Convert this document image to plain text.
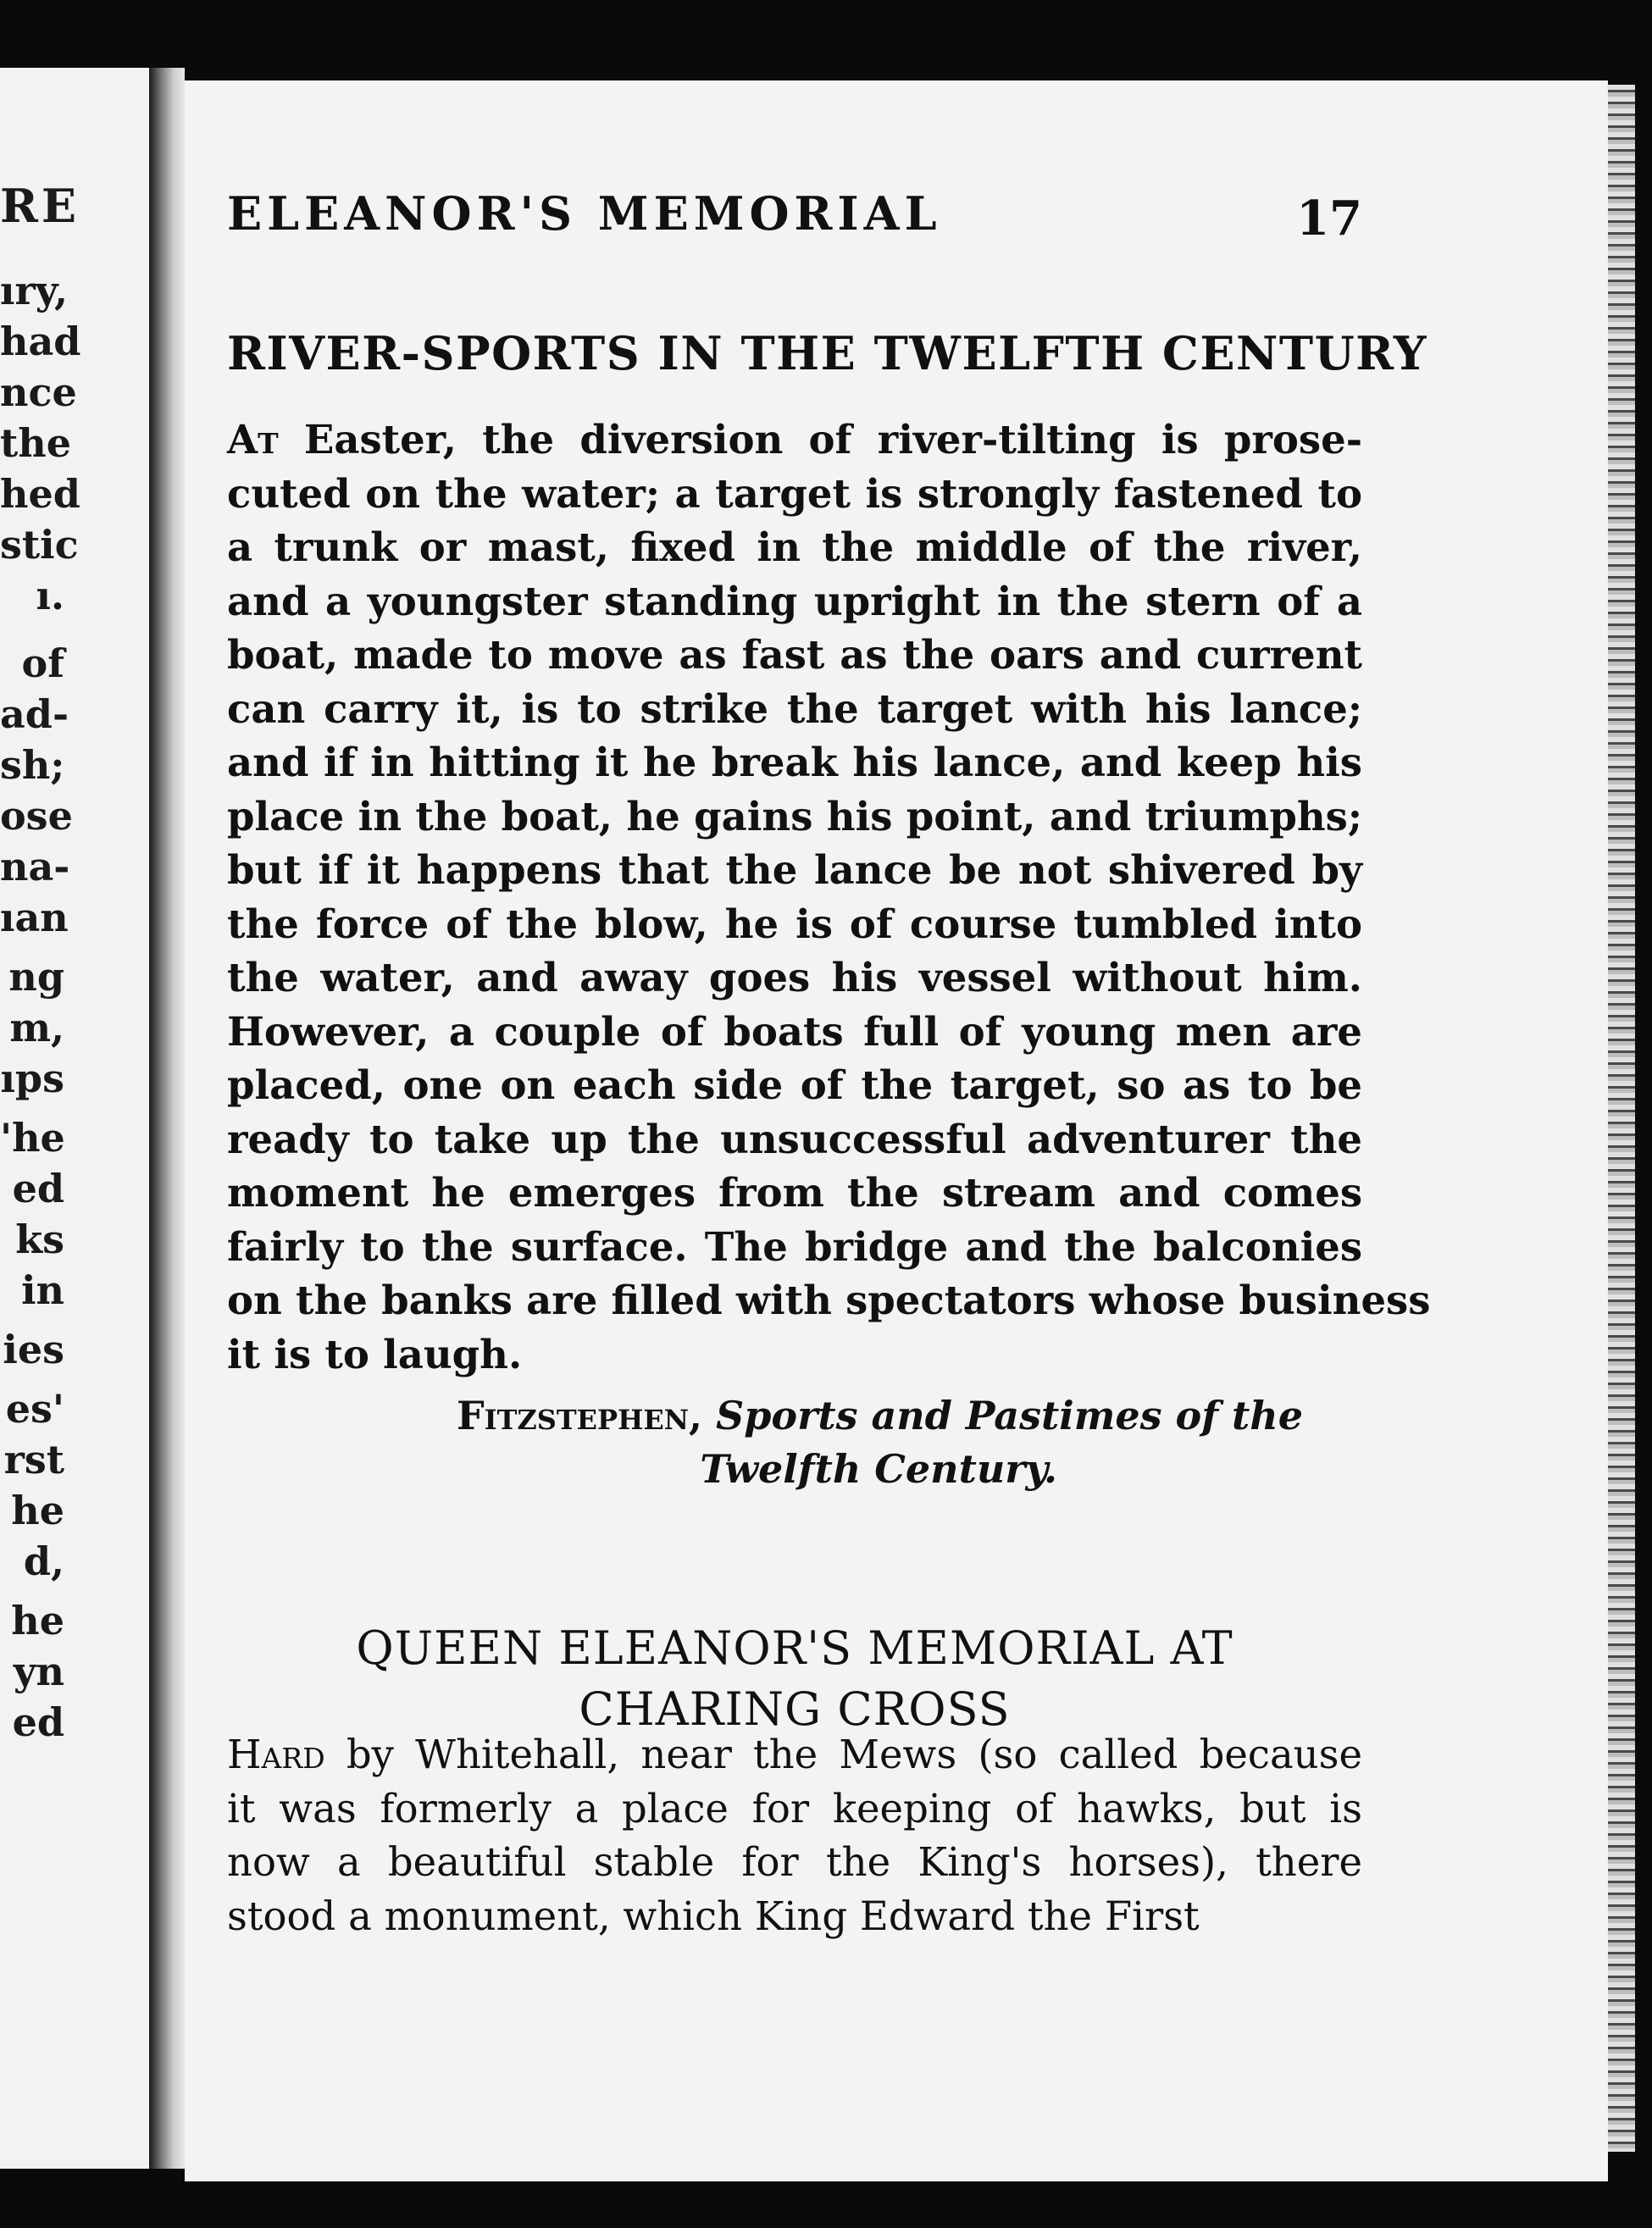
RE
ıry,
had
nce
the
hed
stic
ı.
of
ad-
sh;
ose
na-
ıan
ng
m,
ıps
'he
ed
ks
in
ies
es'
rst
he
d,
he
yn
ed
ELEANOR'S MEMORIAL	17
RIVER-SPORTS IN THE TWELFTH CENTURY
At Easter, the diversion of river-tilting is prose-
cuted on the water; a target is strongly fastened to
a trunk or mast, fixed in the middle of the river,
and a youngster standing upright in the stern of a
boat, made to move as fast as the oars and current
can carry it, is to strike the target with his lance;
and if in hitting it he break his lance, and keep his
place in the boat, he gains his point, and triumphs;
but if it happens that the lance be not shivered by
the force of the blow, he is of course tumbled into
the water, and away goes his vessel without him.
However, a couple of boats full of young men are
placed, one on each side of the target, so as to be
ready to take up the unsuccessful adventurer the
moment he emerges from the stream and comes
fairly to the surface. The bridge and the balconies
on the banks are filled with spectators whose business
it is to laugh.
Fitzstephen, Sports and Pastimes of the
Twelfth Century.
QUEEN ELEANOR'S MEMORIAL AT
CHARING CROSS
Hard by Whitehall, near the Mews (so called because
it was formerly a place for keeping of hawks, but is
now a beautiful stable for the King's horses), there
stood a monument, which King Edward the First
